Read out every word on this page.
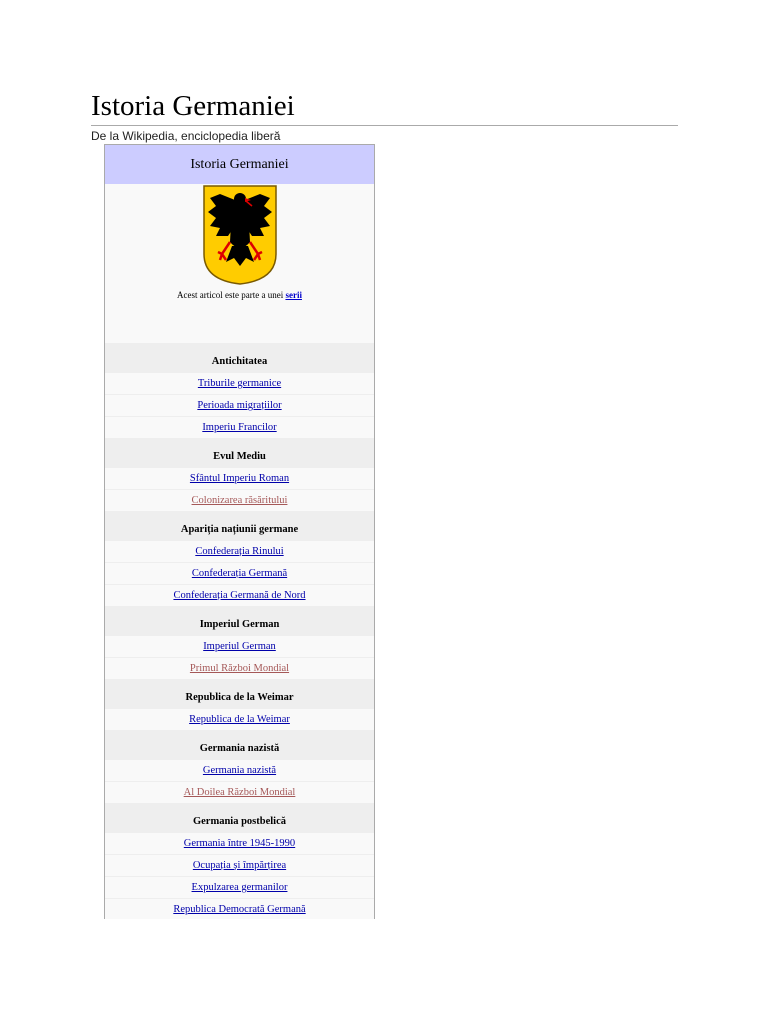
Istoria Germaniei
De la Wikipedia, enciclopedia liberă
Istoria Germaniei
Acest articol este parte a unei serii
Antichitatea
Triburile germanice
Perioada migrațiilor
Imperiu Francilor
Evul Mediu
Sfântul Imperiu Roman
Colonizarea răsăritului
Apariția națiunii germane
Confederația Rinului
Confederația Germană
Confederația Germană de Nord
Imperiul German
Imperiul German
Primul Război Mondial
Republica de la Weimar
Republica de la Weimar
Germania nazistă
Germania nazistă
Al Doilea Război Mondial
Germania postbelică
Germania între 1945-1990
Ocupația și împărțirea
Expulzarea germanilor
Republica Democrată Germană
